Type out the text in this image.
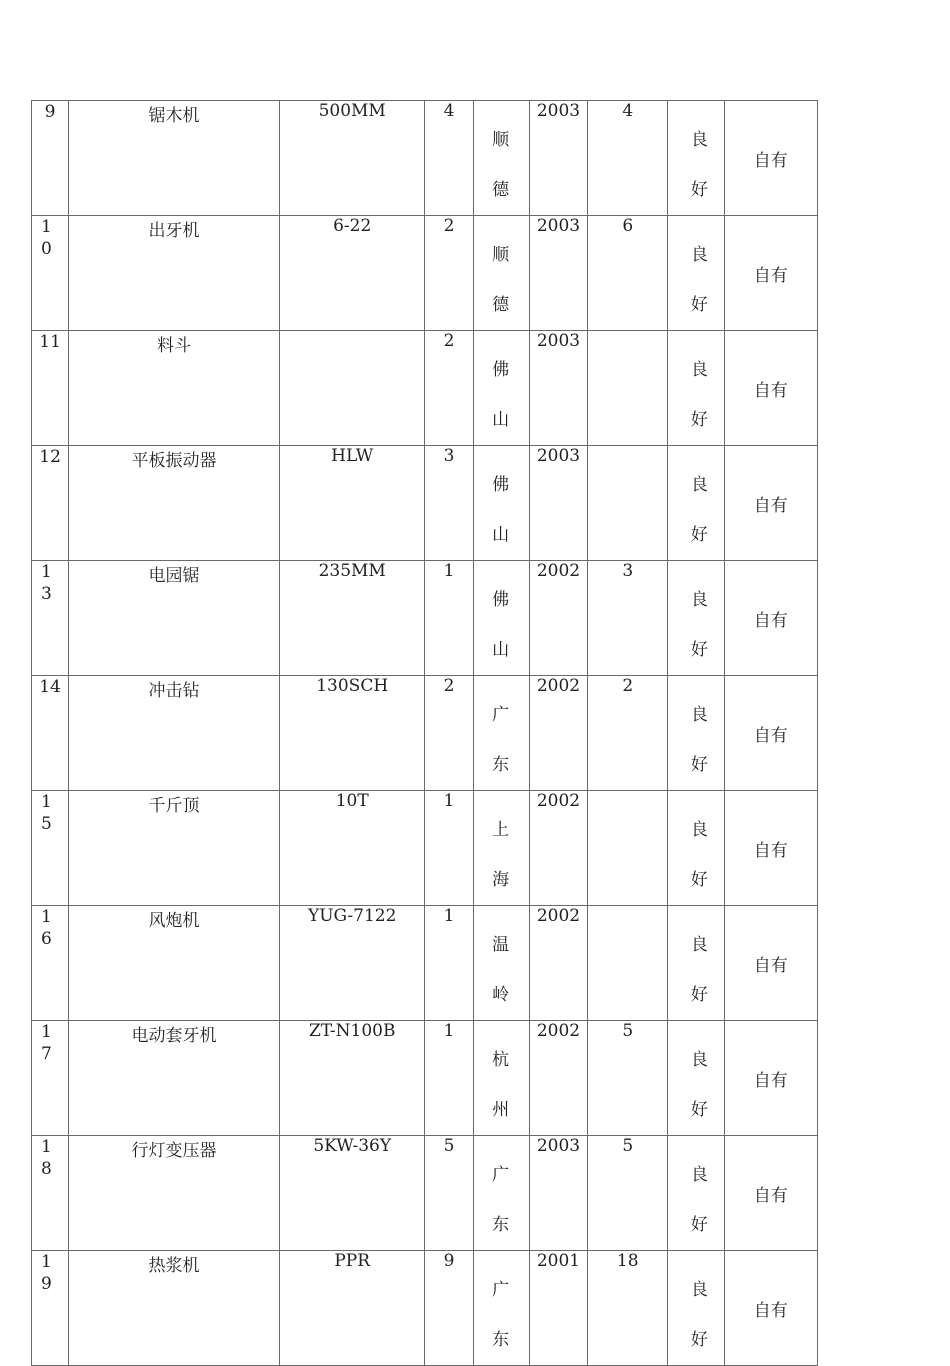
9	锯木机	500MM	4	顺德	2003	4	良好	自有

10	出牙机	6-22	2	顺德	2003	6	良好	自有

11	料斗		2	佛山	2003		良好	自有

12	平板振动器	HLW	3	佛山	2003		良好	自有

13	电园锯	235MM	1	佛山	2002	3	良好	自有

14	冲击钻	130SCH	2	广东	2002	2	良好	自有

15	千斤顶	10T	1	上海	2002		良好	自有

16	风炮机	YUG-7122	1	温岭	2002		良好	自有

17	电动套牙机	ZT-N100B	1	杭州	2002	5	良好	自有

18	行灯变压器	5KW-36Y	5	广东	2003	5	良好	自有

19	热浆机	PPR	9	广东	2001	18	良好	自有
